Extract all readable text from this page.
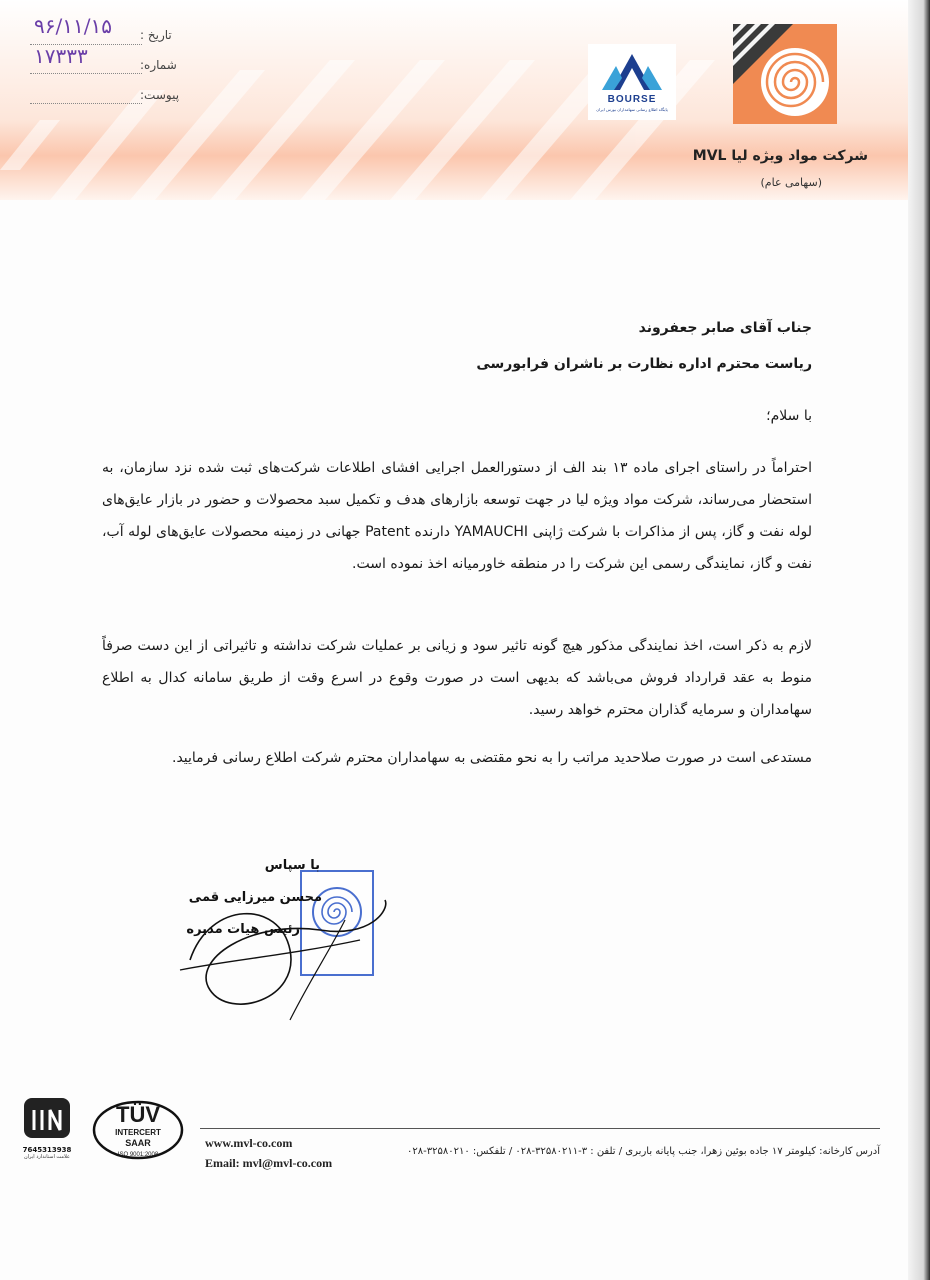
BOURSE
پایگاه اطلاع رسانی سهامداران بورس ایران
شرکت مواد ویژه لیا MVL
(سهامی عام)
تاریخ :
۹۶/۱۱/۱۵
شماره:
۱۷۳۳۳
پیوست:
جناب آقای صابر جعفروند
ریاست محترم اداره نظارت بر ناشران فرابورسی
با سلام؛
احتراماً در راستای اجرای ماده ۱۳ بند الف از دستورالعمل اجرایی افشای اطلاعات شرکت‌های ثبت شده نزد سازمان، به استحضار می‌رساند، شرکت مواد ویژه لیا در جهت توسعه بازارهای هدف و تکمیل سبد محصولات و حضور در بازار عایق‌های لوله نفت و گاز، پس از مذاکرات با شرکت ژاپنی YAMAUCHI دارنده Patent جهانی در زمینه محصولات عایق‌های لوله آب، نفت و گاز، نمایندگی رسمی این شرکت را در منطقه خاورمیانه اخذ نموده است.
لازم به ذکر است، اخذ نمایندگی مذکور هیچ گونه تاثیر سود و زیانی بر عملیات شرکت نداشته و تاثیراتی از این دست صرفاً منوط به عقد قرارداد فروش می‌باشد که بدیهی است در صورت وقوع در اسرع وقت از طریق سامانه کدال به اطلاع سهامداران و سرمایه گذاران محترم خواهد رسید.
مستدعی است در صورت صلاحدید مراتب را به نحو مقتضی به سهامداران محترم شرکت اطلاع رسانی فرمایید.
با سپاس
محسن میرزایی قمی
رئیس هیات مدیره
7645313938
علامت استاندارد ایران
TÜV
INTERCERT
SAAR
ISO 9001:2008
www.mvl-co.com
Email: mvl@mvl-co.com
آدرس کارخانه: کیلومتر ۱۷ جاده بوئین زهرا، جنب پایانه باربری / تلفن : ۳-۳۲۵۸۰۲۱۱-۰۲۸ / تلفکس: ۳۲۵۸۰۲۱۰-۰۲۸
